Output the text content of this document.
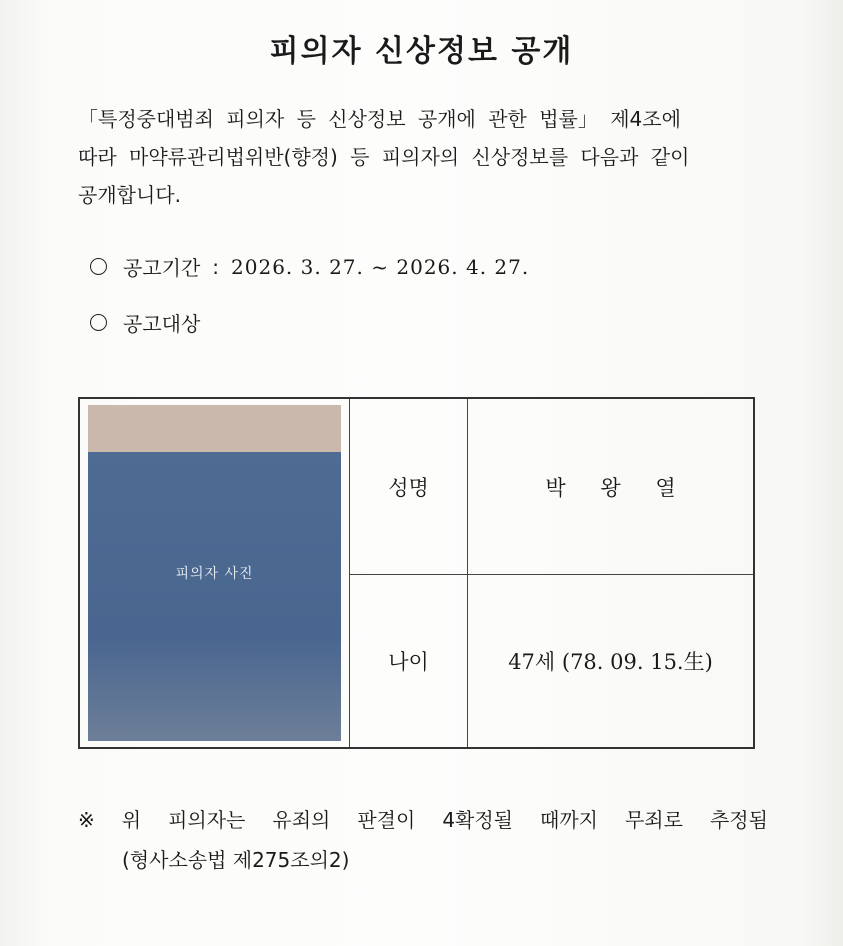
피의자 신상정보 공개
「특정중대범죄 피의자 등 신상정보 공개에 관한 법률」 제4조에
따라 마약류관리법위반(향정) 등 피의자의 신상정보를 다음과 같이
공개합니다.
공고기간 : 2026. 3. 27. ~ 2026. 4. 27.
공고대상
피의자 사진
성명	박 왕 열
나이	47세 (78. 09. 15.生)
※ 위 피의자는 유죄의 판결이 4확정될 때까지 무죄로 추정됨
(형사소송법 제275조의2)
